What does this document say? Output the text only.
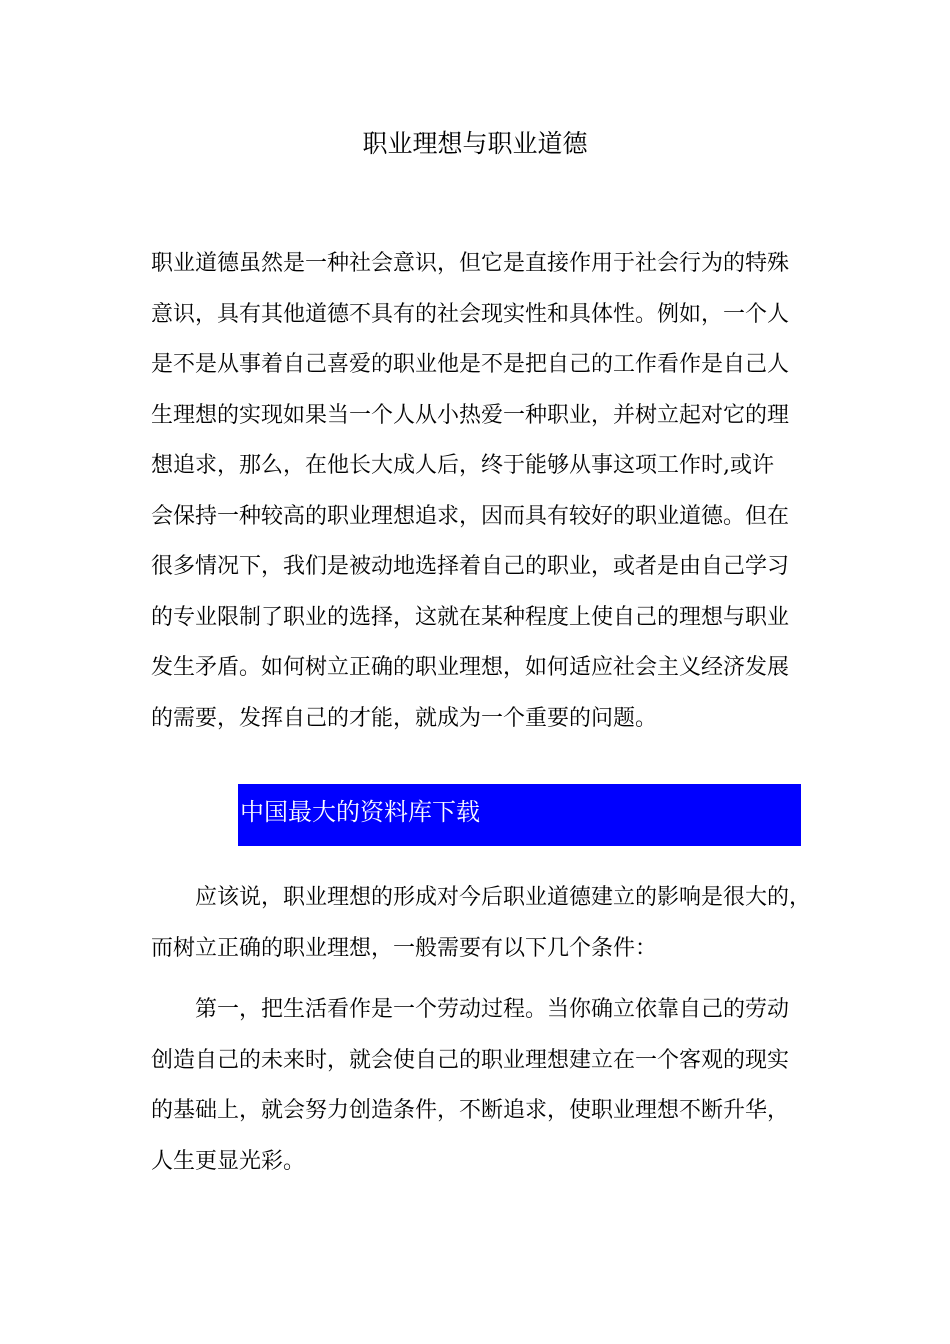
职业理想与职业道德
职业道德虽然是一种社会意识，但它是直接作用于社会行为的特殊
意识，具有其他道德不具有的社会现实性和具体性。例如，一个人
是不是从事着自己喜爱的职业他是不是把自己的工作看作是自己人
生理想的实现如果当一个人从小热爱一种职业，并树立起对它的理
想追求，那么，在他长大成人后，终于能够从事这项工作时,或许
会保持一种较高的职业理想追求，因而具有较好的职业道德。但在
很多情况下，我们是被动地选择着自己的职业，或者是由自己学习
的专业限制了职业的选择，这就在某种程度上使自己的理想与职业
发生矛盾。如何树立正确的职业理想，如何适应社会主义经济发展
的需要，发挥自己的才能，就成为一个重要的问题。
中国最大的资料库下载
　　应该说，职业理想的形成对今后职业道德建立的影响是很大的，
而树立正确的职业理想，一般需要有以下几个条件：
　　第一，把生活看作是一个劳动过程。当你确立依靠自己的劳动
创造自己的未来时，就会使自己的职业理想建立在一个客观的现实
的基础上，就会努力创造条件，不断追求，使职业理想不断升华，
人生更显光彩。
